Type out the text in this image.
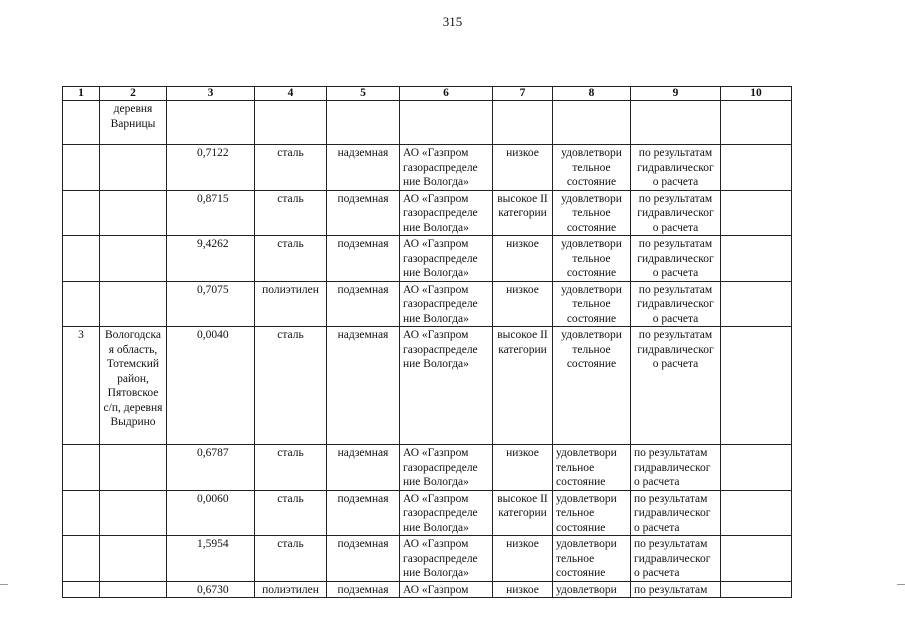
315
1	2	3	4	5	6	7	8	9	10
	деревня Варницы								
		0,7122	сталь	надземная	АО «Газпром газораспределе ние Вологда»	низкое	удовлетвори тельное состояние	по результатам гидравлическог о расчета	
		0,8715	сталь	подземная	АО «Газпром газораспределе ние Вологда»	высокое II категории	удовлетвори тельное состояние	по результатам гидравлическог о расчета	
		9,4262	сталь	подземная	АО «Газпром газораспределе ние Вологда»	низкое	удовлетвори тельное состояние	по результатам гидравлическог о расчета	
		0,7075	полиэтилен	подземная	АО «Газпром газораспределе ние Вологда»	низкое	удовлетвори тельное состояние	по результатам гидравлическог о расчета	
3	Вологодска я область, Тотемский район, Пятовское с/п, деревня Выдрино	0,0040	сталь	надземная	АО «Газпром газораспределе ние Вологда»	высокое II категории	удовлетвори тельное состояние	по результатам гидравлическог о расчета	
		0,6787	сталь	надземная	АО «Газпром газораспределе ние Вологда»	низкое	удовлетвори тельное состояние	по результатам гидравлическог о расчета	
		0,0060	сталь	подземная	АО «Газпром газораспределе ние Вологда»	высокое II категории	удовлетвори тельное состояние	по результатам гидравлическог о расчета	
		1,5954	сталь	подземная	АО «Газпром газораспределе ние Вологда»	низкое	удовлетвори тельное состояние	по результатам гидравлическог о расчета	
		0,6730	полиэтилен	подземная	АО «Газпром	низкое	удовлетвори	по результатам	
